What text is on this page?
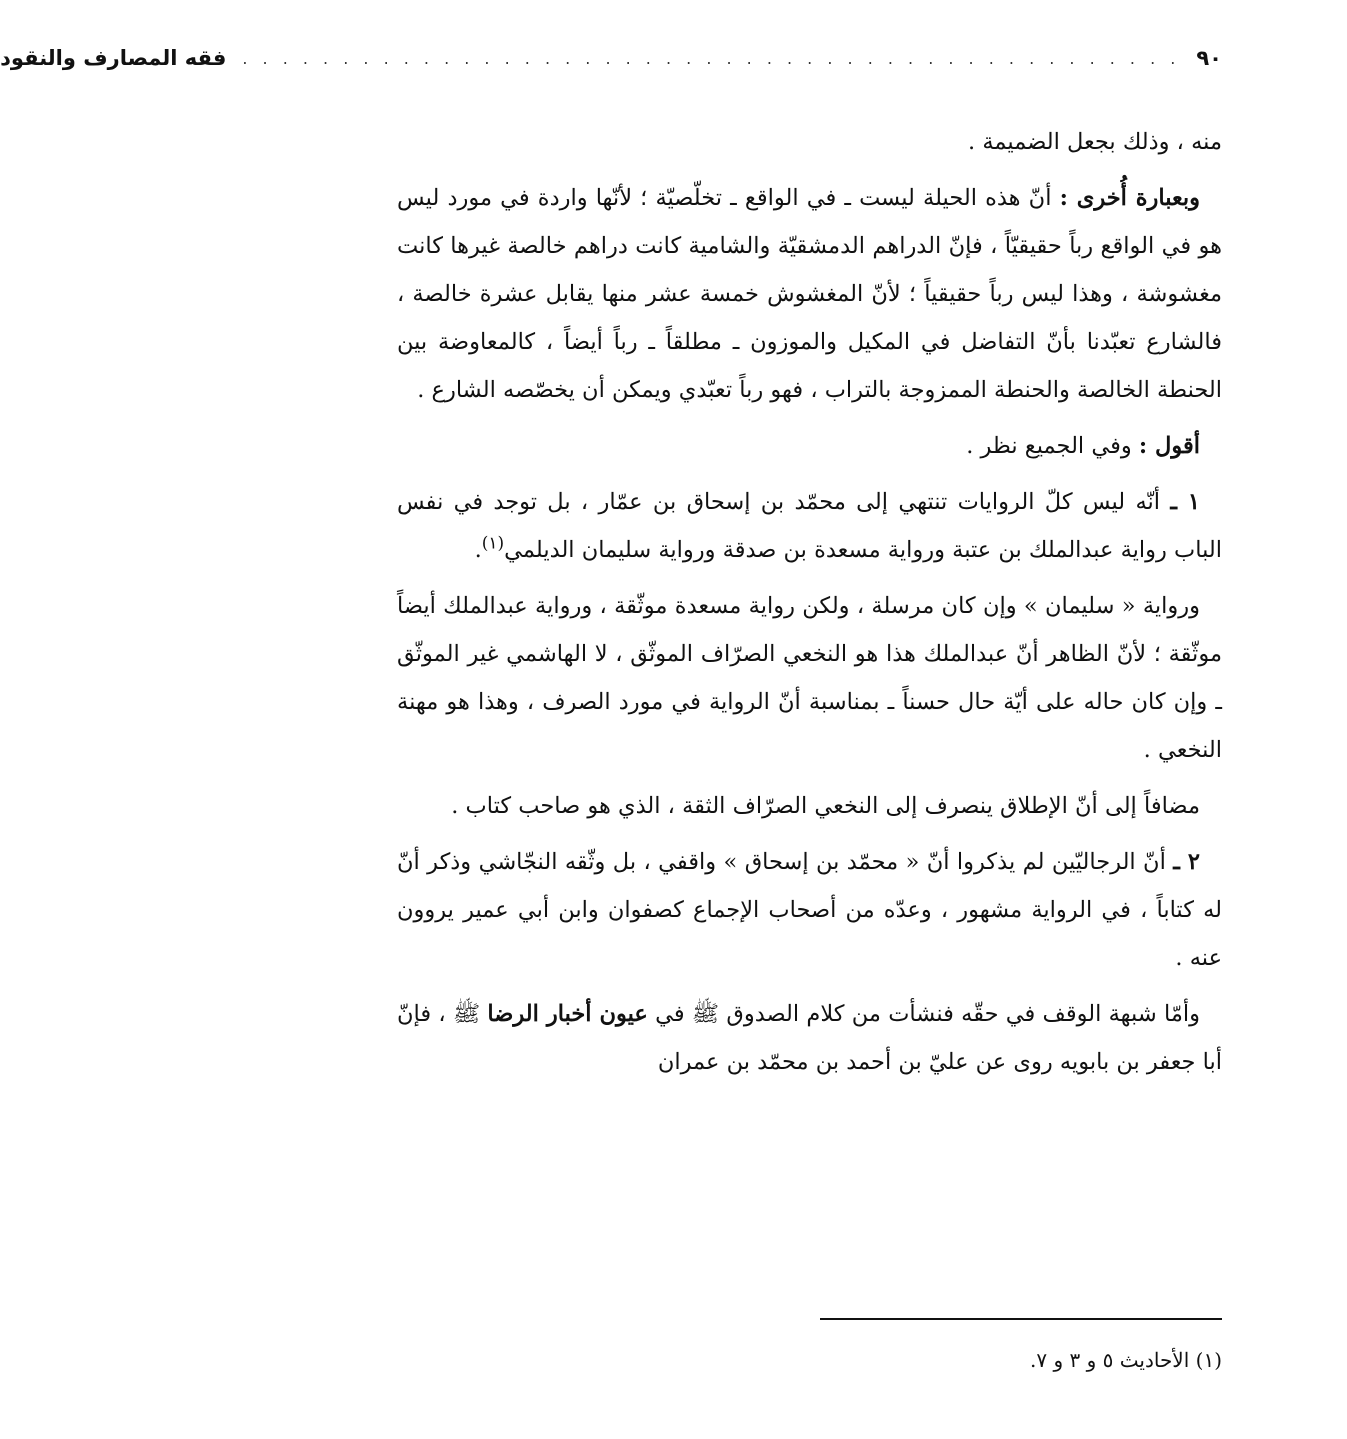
٩٠
. . . . . . . . . . . . . . . . . . . . . . . . . . . . . . . . . . . . . . . . . . . . . . .
فقه المصارف والنقود

منه ، وذلك بجعل الضميمة .

وبعبارة أُخرى : أنّ هذه الحيلة ليست ـ في الواقع ـ تخلّصيّة ؛ لأنّها واردة في مورد ليس هو في الواقع رباً حقيقيّاً ، فإنّ الدراهم الدمشقيّة والشامية كانت دراهم خالصة غيرها كانت مغشوشة ، وهذا ليس رباً حقيقياً ؛ لأنّ المغشوش خمسة عشر منها يقابل عشرة خالصة ، فالشارع تعبّدنا بأنّ التفاضل في المكيل والموزون ـ مطلقاً ـ رباً أيضاً ، كالمعاوضة بين الحنطة الخالصة والحنطة الممزوجة بالتراب ، فهو رباً تعبّدي ويمكن أن يخصّصه الشارع .

أقول : وفي الجميع نظر .

١ ـ أنّه ليس كلّ الروايات تنتهي إلى محمّد بن إسحاق بن عمّار ، بل توجد في نفس الباب رواية عبدالملك بن عتبة ورواية مسعدة بن صدقة ورواية سليمان الديلمي$^{(١)}$.

ورواية « سليمان » وإن كان مرسلة ، ولكن رواية مسعدة موثّقة ، ورواية عبدالملك أيضاً موثّقة ؛ لأنّ الظاهر أنّ عبدالملك هذا هو النخعي الصرّاف الموثّق ، لا الهاشمي غير الموثّق ـ وإن كان حاله على أيّة حال حسناً ـ بمناسبة أنّ الرواية في مورد الصرف ، وهذا هو مهنة النخعي .

مضافاً إلى أنّ الإطلاق ينصرف إلى النخعي الصرّاف الثقة ، الذي هو صاحب كتاب .

٢ ـ أنّ الرجاليّين لم يذكروا أنّ « محمّد بن إسحاق » واقفي ، بل وثّقه النجّاشي وذكر أنّ له كتاباً ، في الرواية مشهور ، وعدّه من أصحاب الإجماع كصفوان وابن أبي عمير يروون عنه .

وأمّا شبهة الوقف في حقّه فنشأت من كلام الصدوق ﷺ في عيون أخبار الرضا ﷺ ، فإنّ أبا جعفر بن بابويه روى عن عليّ بن أحمد بن محمّد بن عمران

(١) الأحاديث ٥ و ٣ و ٧.
